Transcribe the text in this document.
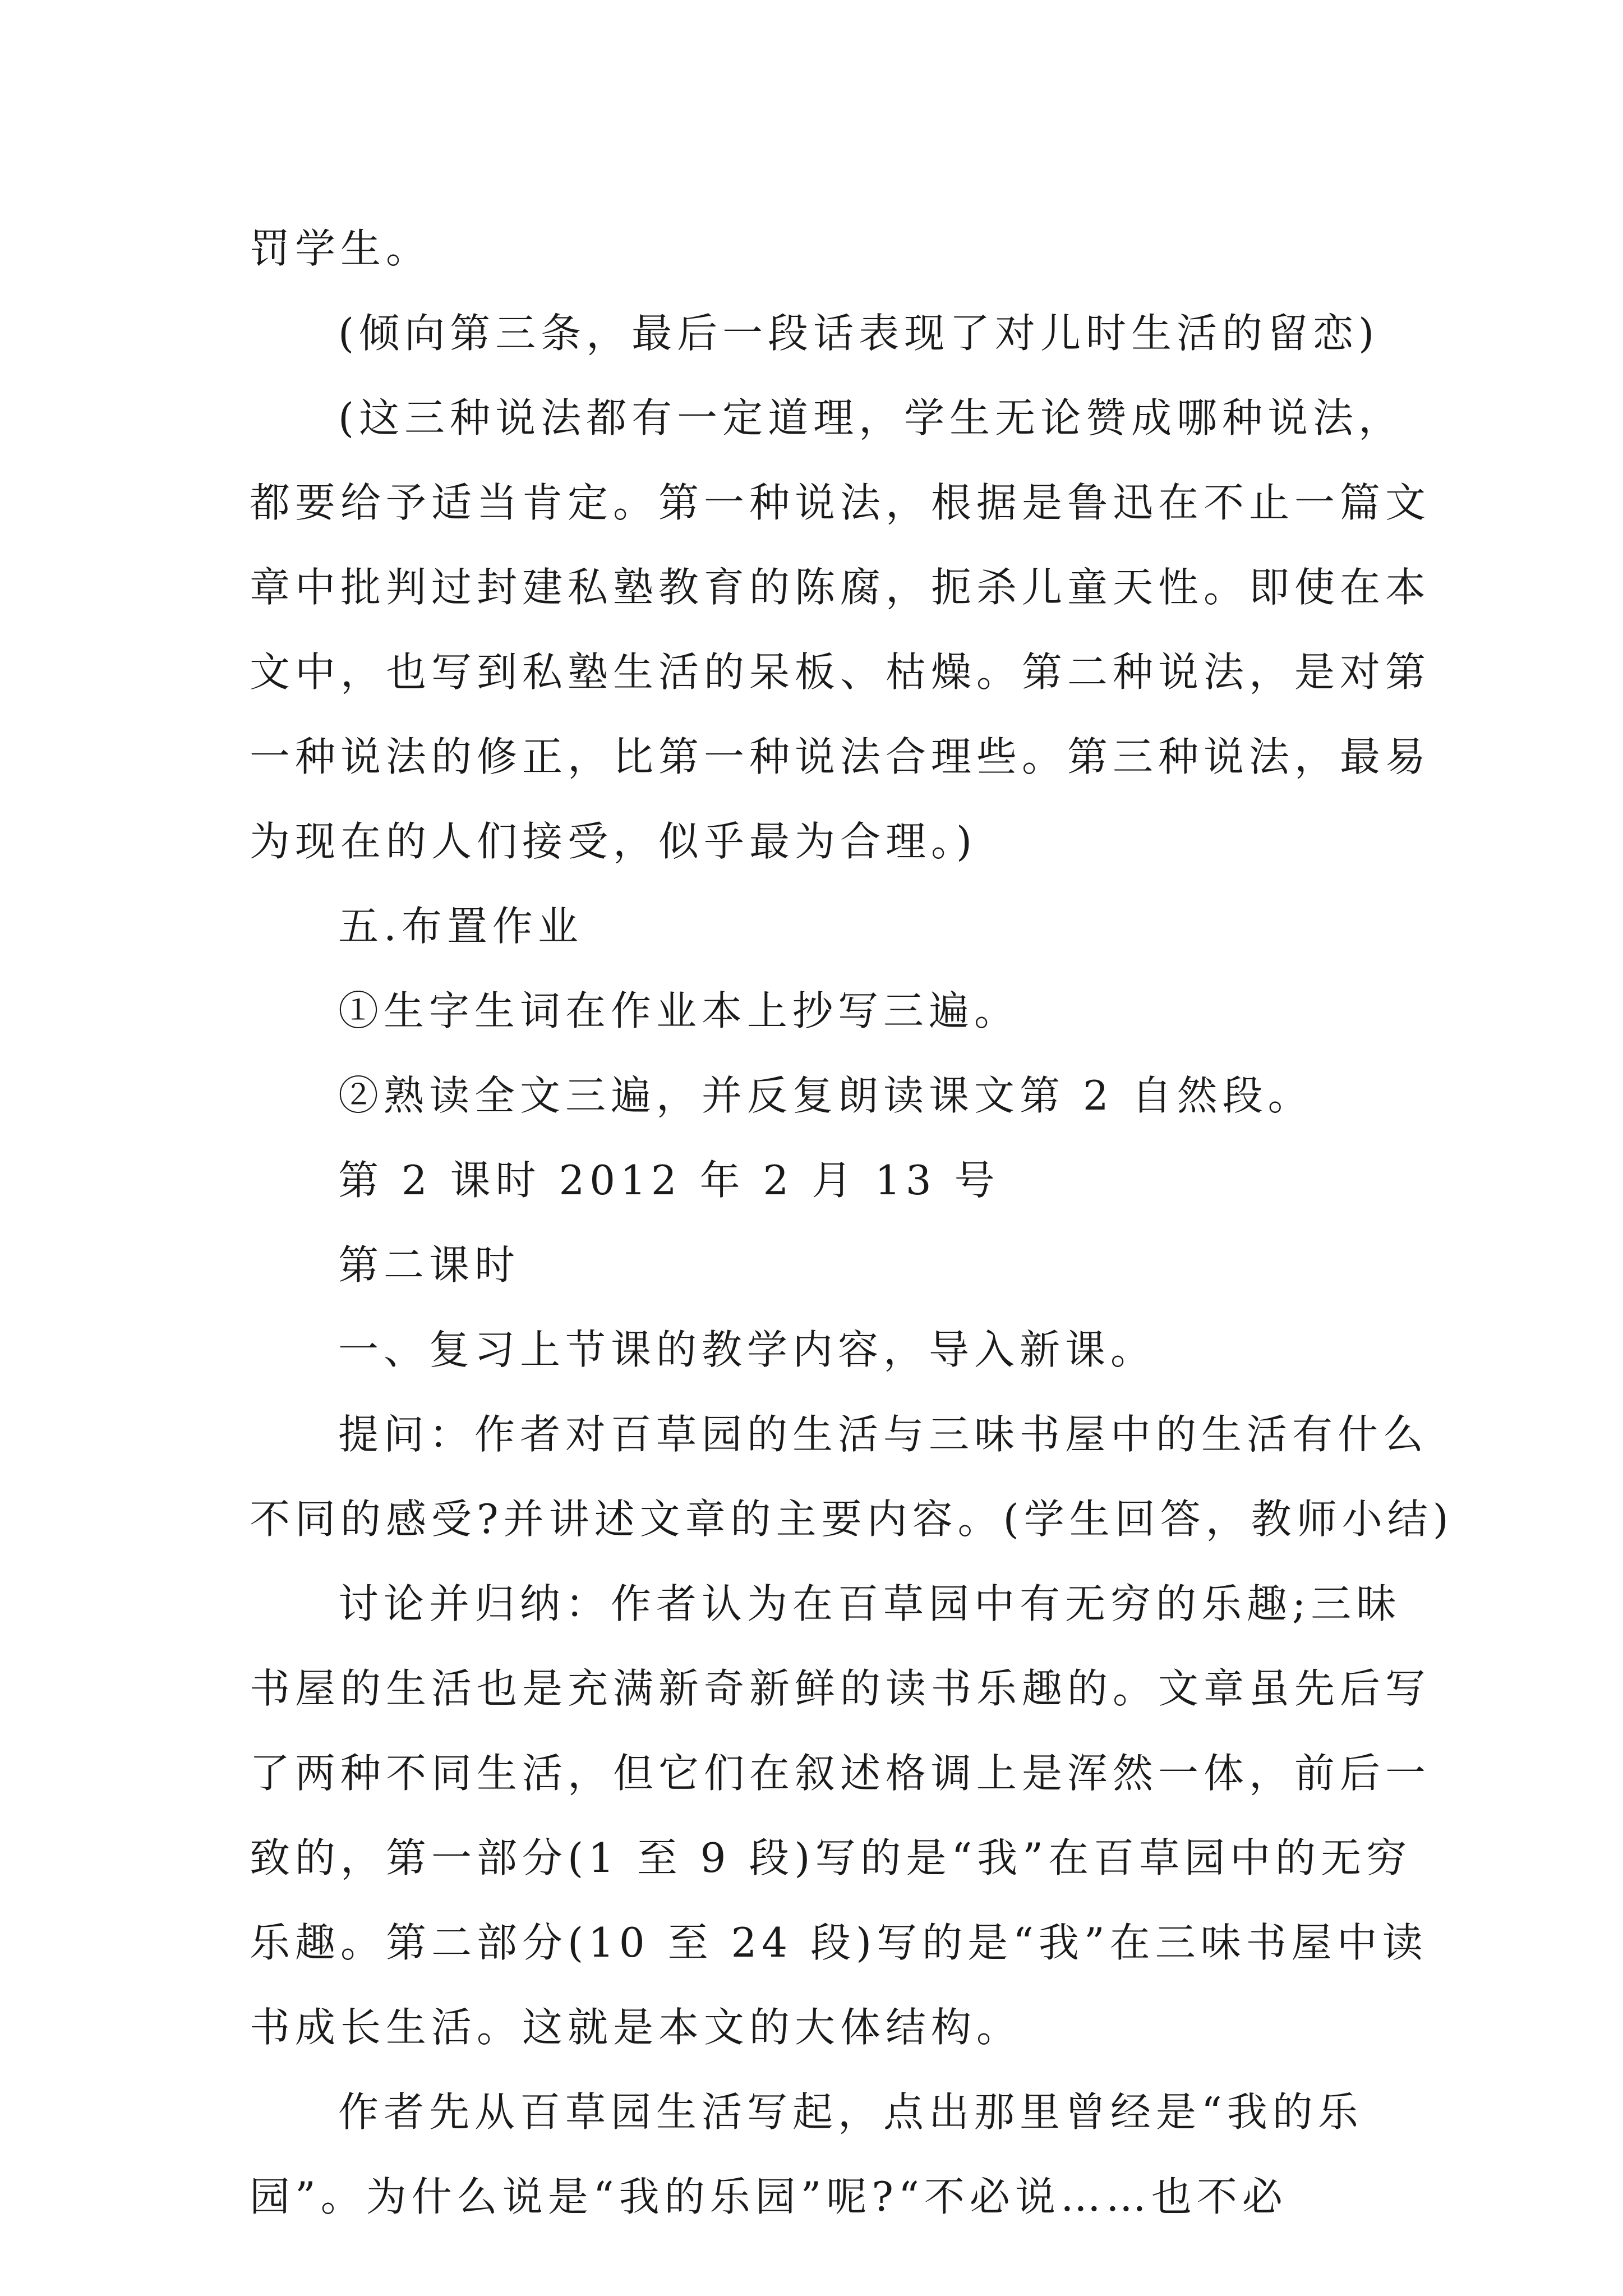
罚学生。
(倾向第三条，最后一段话表现了对儿时生活的留恋)
(这三种说法都有一定道理，学生无论赞成哪种说法，
都要给予适当肯定。第一种说法，根据是鲁迅在不止一篇文
章中批判过封建私塾教育的陈腐，扼杀儿童天性。即使在本
文中，也写到私塾生活的呆板、枯燥。第二种说法，是对第
一种说法的修正，比第一种说法合理些。第三种说法，最易
为现在的人们接受，似乎最为合理。)
五.布置作业
①生字生词在作业本上抄写三遍。
②熟读全文三遍，并反复朗读课文第 2 自然段。
第 2 课时 2012 年 2 月 13 号
第二课时
一、复习上节课的教学内容，导入新课。
提问：作者对百草园的生活与三味书屋中的生活有什么
不同的感受?并讲述文章的主要内容。(学生回答，教师小结)
讨论并归纳：作者认为在百草园中有无穷的乐趣;三昧
书屋的生活也是充满新奇新鲜的读书乐趣的。文章虽先后写
了两种不同生活，但它们在叙述格调上是浑然一体，前后一
致的，第一部分(1 至 9 段)写的是“我”在百草园中的无穷
乐趣。第二部分(10 至 24 段)写的是“我”在三味书屋中读
书成长生活。这就是本文的大体结构。
作者先从百草园生活写起，点出那里曾经是“我的乐
园”。为什么说是“我的乐园”呢?“不必说……也不必
